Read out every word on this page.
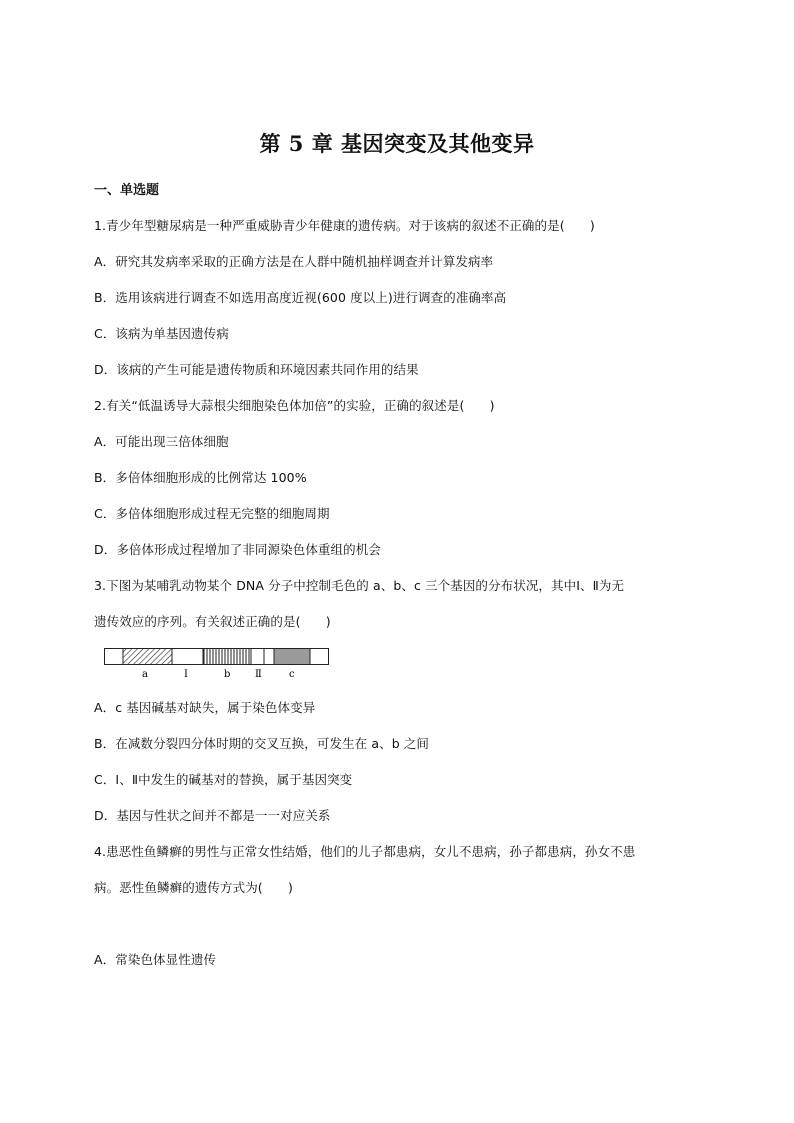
第 5 章 基因突变及其他变异
一、单选题
1.青少年型糖尿病是一种严重威胁青少年健康的遗传病。对于该病的叙述不正确的是(　　)
A．研究其发病率采取的正确方法是在人群中随机抽样调查并计算发病率
B．选用该病进行调查不如选用高度近视(600 度以上)进行调查的准确率高
C．该病为单基因遗传病
D．该病的产生可能是遗传物质和环境因素共同作用的结果
2.有关“低温诱导大蒜根尖细胞染色体加倍”的实验，正确的叙述是(　　)
A．可能出现三倍体细胞
B．多倍体细胞形成的比例常达 100%
C．多倍体细胞形成过程无完整的细胞周期
D．多倍体形成过程增加了非同源染色体重组的机会
3.下图为某哺乳动物某个 DNA 分子中控制毛色的 a、b、c 三个基因的分布状况，其中Ⅰ、Ⅱ为无
遗传效应的序列。有关叙述正确的是(　　)
a	Ⅰ	b Ⅱ	c
A．c 基因碱基对缺失，属于染色体变异
B．在减数分裂四分体时期的交叉互换，可发生在 a、b 之间
C．Ⅰ、Ⅱ中发生的碱基对的替换，属于基因突变
D．基因与性状之间并不都是一一对应关系
4.患恶性鱼鳞癣的男性与正常女性结婚，他们的儿子都患病，女儿不患病，孙子都患病，孙女不患
病。恶性鱼鳞癣的遗传方式为(　　)
A．常染色体显性遗传
